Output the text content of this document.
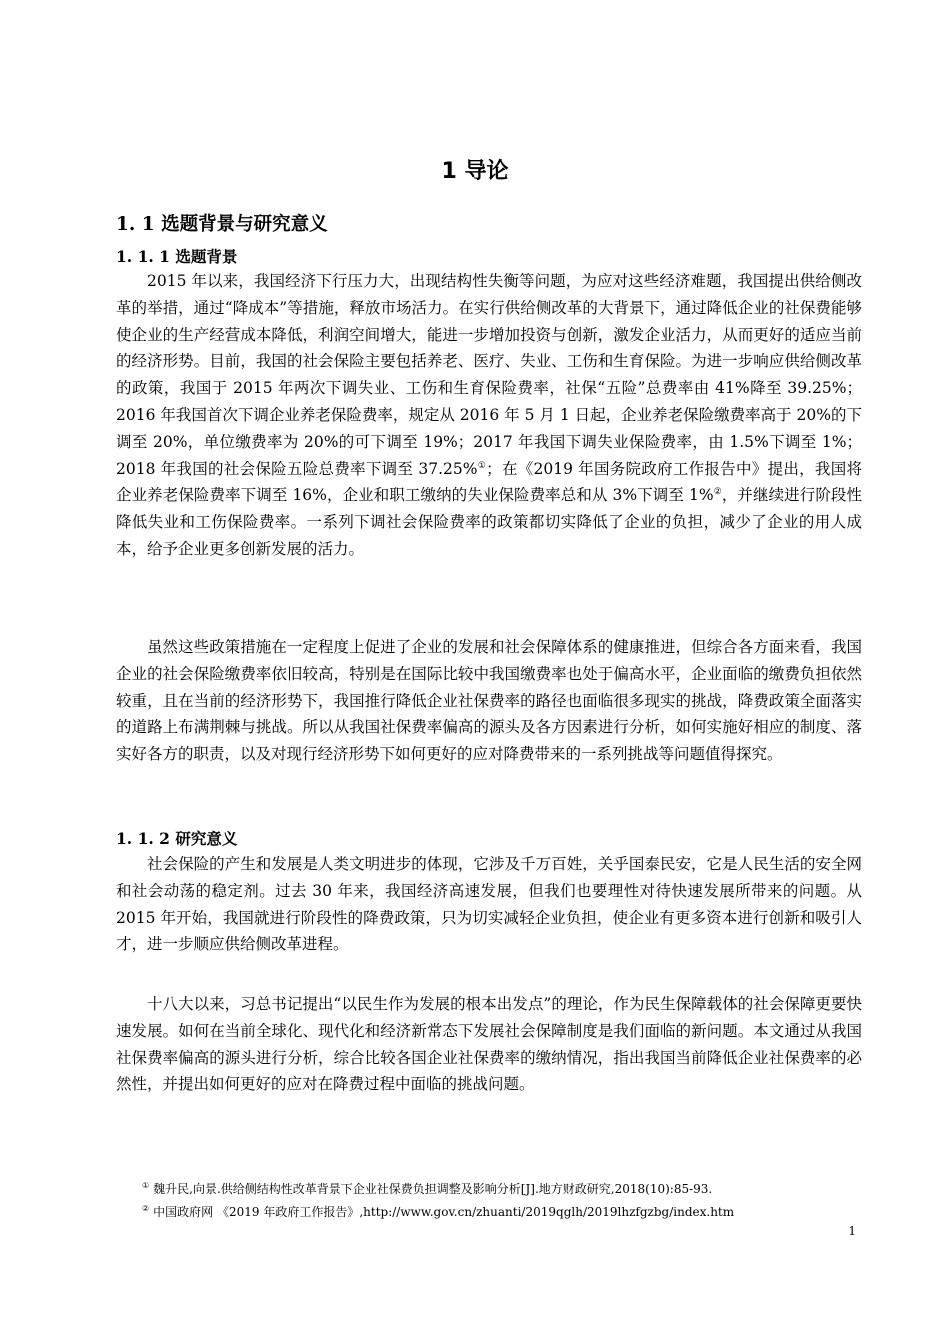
1 导论
1. 1 选题背景与研究意义
1. 1. 1 选题背景

2015 年以来，我国经济下行压力大，出现结构性失衡等问题，为应对这些经济难题，我国提出供给侧改革的举措，通过“降成本”等措施，释放市场活力。在实行供给侧改革的大背景下，通过降低企业的社保费能够使企业的生产经营成本降低，利润空间增大，能进一步增加投资与创新，激发企业活力，从而更好的适应当前的经济形势。目前，我国的社会保险主要包括养老、医疗、失业、工伤和生育保险。为进一步响应供给侧改革的政策，我国于 2015 年两次下调失业、工伤和生育保险费率，社保“五险”总费率由 41%降至 39.25%；2016 年我国首次下调企业养老保险费率，规定从 2016 年 5 月 1 日起，企业养老保险缴费率高于 20%的下调至 20%，单位缴费率为 20%的可下调至 19%；2017 年我国下调失业保险费率，由 1.5%下调至 1%；2018 年我国的社会保险五险总费率下调至 37.25%①；在《2019 年国务院政府工作报告中》提出，我国将企业养老保险费率下调至 16%，企业和职工缴纳的失业保险费率总和从 3%下调至 1%②，并继续进行阶段性降低失业和工伤保险费率。一系列下调社会保险费率的政策都切实降低了企业的负担，减少了企业的用人成本，给予企业更多创新发展的活力。

虽然这些政策措施在一定程度上促进了企业的发展和社会保障体系的健康推进，但综合各方面来看，我国企业的社会保险缴费率依旧较高，特别是在国际比较中我国缴费率也处于偏高水平，企业面临的缴费负担依然较重，且在当前的经济形势下，我国推行降低企业社保费率的路径也面临很多现实的挑战，降费政策全面落实的道路上布满荆棘与挑战。所以从我国社保费率偏高的源头及各方因素进行分析，如何实施好相应的制度、落实好各方的职责，以及对现行经济形势下如何更好的应对降费带来的一系列挑战等问题值得探究。

1. 1. 2 研究意义

社会保险的产生和发展是人类文明进步的体现，它涉及千万百姓，关乎国泰民安，它是人民生活的安全网和社会动荡的稳定剂。过去 30 年来，我国经济高速发展，但我们也要理性对待快速发展所带来的问题。从 2015 年开始，我国就进行阶段性的降费政策，只为切实减轻企业负担，使企业有更多资本进行创新和吸引人才，进一步顺应供给侧改革进程。

十八大以来，习总书记提出“以民生作为发展的根本出发点”的理论，作为民生保障载体的社会保障更要快速发展。如何在当前全球化、现代化和经济新常态下发展社会保障制度是我们面临的新问题。本文通过从我国社保费率偏高的源头进行分析，综合比较各国企业社保费率的缴纳情况，指出我国当前降低企业社保费率的必然性，并提出如何更好的应对在降费过程中面临的挑战问题。

① 魏升民,向景.供给侧结构性改革背景下企业社保费负担调整及影响分析[J].地方财政研究,2018(10):85-93.

② 中国政府网 《2019 年政府工作报告》,http://www.gov.cn/zhuanti/2019qglh/2019lhzfgzbg/index.htm

1
